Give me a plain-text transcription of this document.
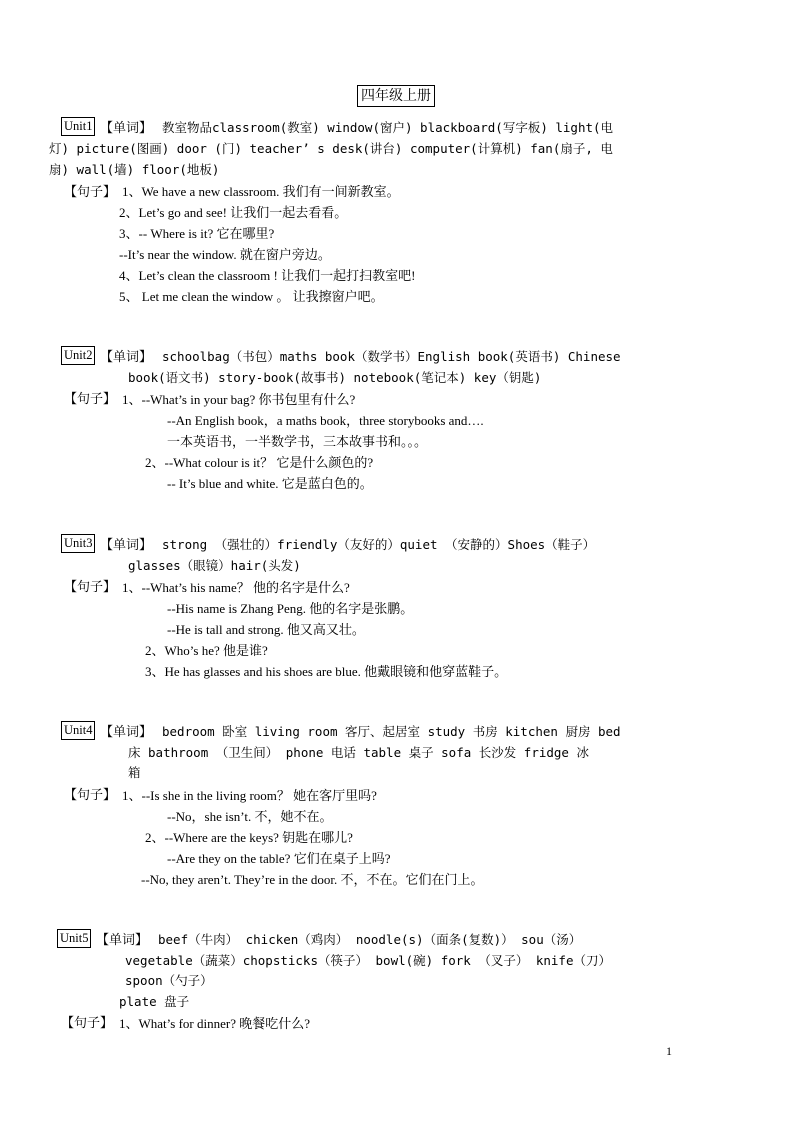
四年级上册
Unit1 【单词】 教室物品classroom(教室) window(窗户) blackboard(写字板) light(电
灯) picture(图画) door (门) teacher’ s desk(讲台) computer(计算机) fan(扇子, 电
扇) wall(墙) floor(地板)
【句子】 1、We have a new classroom. 我们有一间新教室。
2、Let’s go and see! 让我们一起去看看。
3、-- Where is it? 它在哪里?
--It’s near the window. 就在窗户旁边。
4、Let’s clean the classroom ! 让我们一起打扫教室吧!
5、 Let me clean the window 。 让我擦窗户吧。
Unit2 【单词】 schoolbag（书包）maths book（数学书）English book(英语书) Chinese
book(语文书) story-book(故事书) notebook(笔记本) key（钥匙)
【句子】 1、--What’s in your bag? 你书包里有什么?
--An English book，a maths book，three storybooks and….
一本英语书，一半数学书，三本故事书和。。。
2、--What colour is it？ 它是什么颜色的?
-- It’s blue and white. 它是蓝白色的。
Unit3 【单词】 strong （强壮的）friendly（友好的）quiet （安静的）Shoes（鞋子）
glasses（眼镜）hair(头发)
【句子】 1、--What’s his name？ 他的名字是什么?
--His name is Zhang Peng. 他的名字是张鹏。
--He is tall and strong. 他又高又壮。
2、Who’s he? 他是谁?
3、He has glasses and his shoes are blue. 他戴眼镜和他穿蓝鞋子。
Unit4 【单词】 bedroom 卧室 living room 客厅、起居室 study 书房 kitchen 厨房 bed
床 bathroom （卫生间） phone 电话 table 桌子 sofa 长沙发 fridge 冰
箱
【句子】 1、--Is she in the living room？ 她在客厅里吗?
--No，she isn’t. 不，她不在。
2、--Where are the keys? 钥匙在哪儿?
--Are they on the table? 它们在桌子上吗?
--No, they aren’t. They’re in the door. 不，不在。它们在门上。
Unit5 【单词】 beef（牛肉） chicken（鸡肉） noodle(s)（面条(复数)） sou（汤）
vegetable（蔬菜）chopsticks（筷子） bowl(碗) fork （叉子） knife（刀）
spoon（勺子）
plate 盘子
【句子】 1、What’s for dinner? 晚餐吃什么?
1
